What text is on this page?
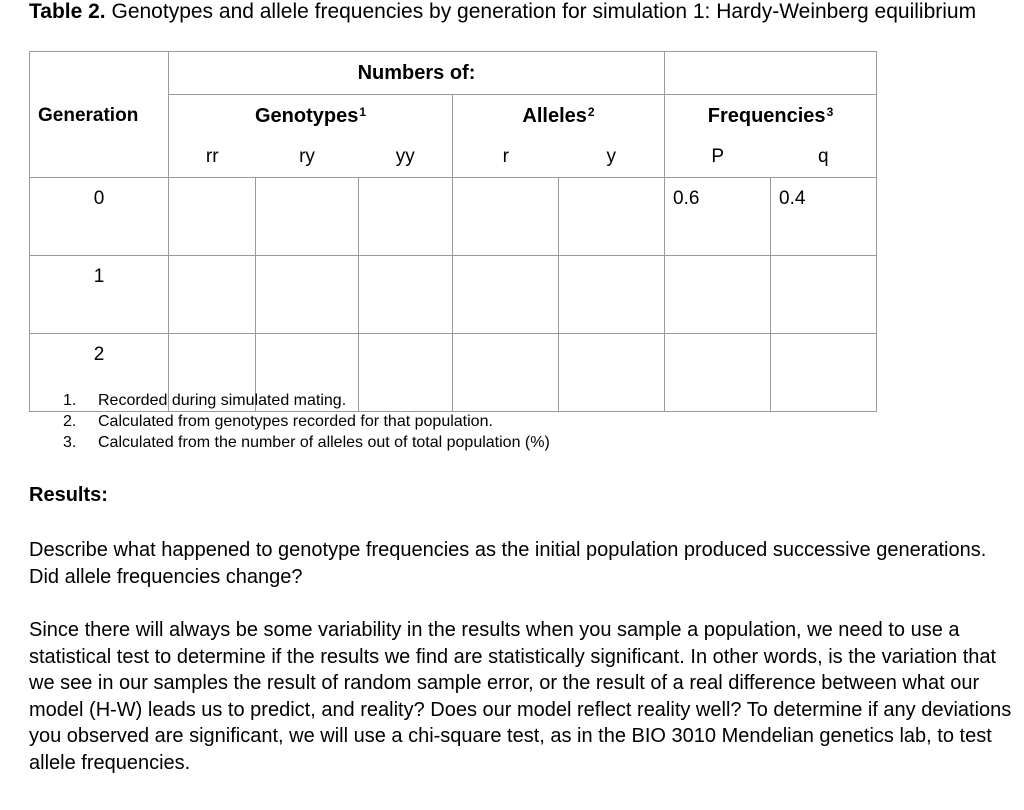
Table 2. Genotypes and allele frequencies by generation for simulation 1: Hardy-Weinberg equilibrium
	Numbers of:						
Generation	Genotypes$^1$			Alleles$^2$		Frequencies$^3$
	rr	ry	yy	r	y	P	q
0						0.6	0.4
1							
2							
1.	Recorded during simulated mating.
2.	Calculated from genotypes recorded for that population.
3.	Calculated from the number of alleles out of total population (%)
Results:

Describe what happened to genotype frequencies as the initial population produced successive generations. Did allele frequencies change?

Since there will always be some variability in the results when you sample a population, we need to use a statistical test to determine if the results we find are statistically significant. In other words, is the variation that we see in our samples the result of random sample error, or the result of a real difference between what our model (H-W) leads us to predict, and reality? Does our model reflect reality well? To determine if any deviations you observed are significant, we will use a chi-square test, as in the BIO 3010 Mendelian genetics lab, to test allele frequencies.
